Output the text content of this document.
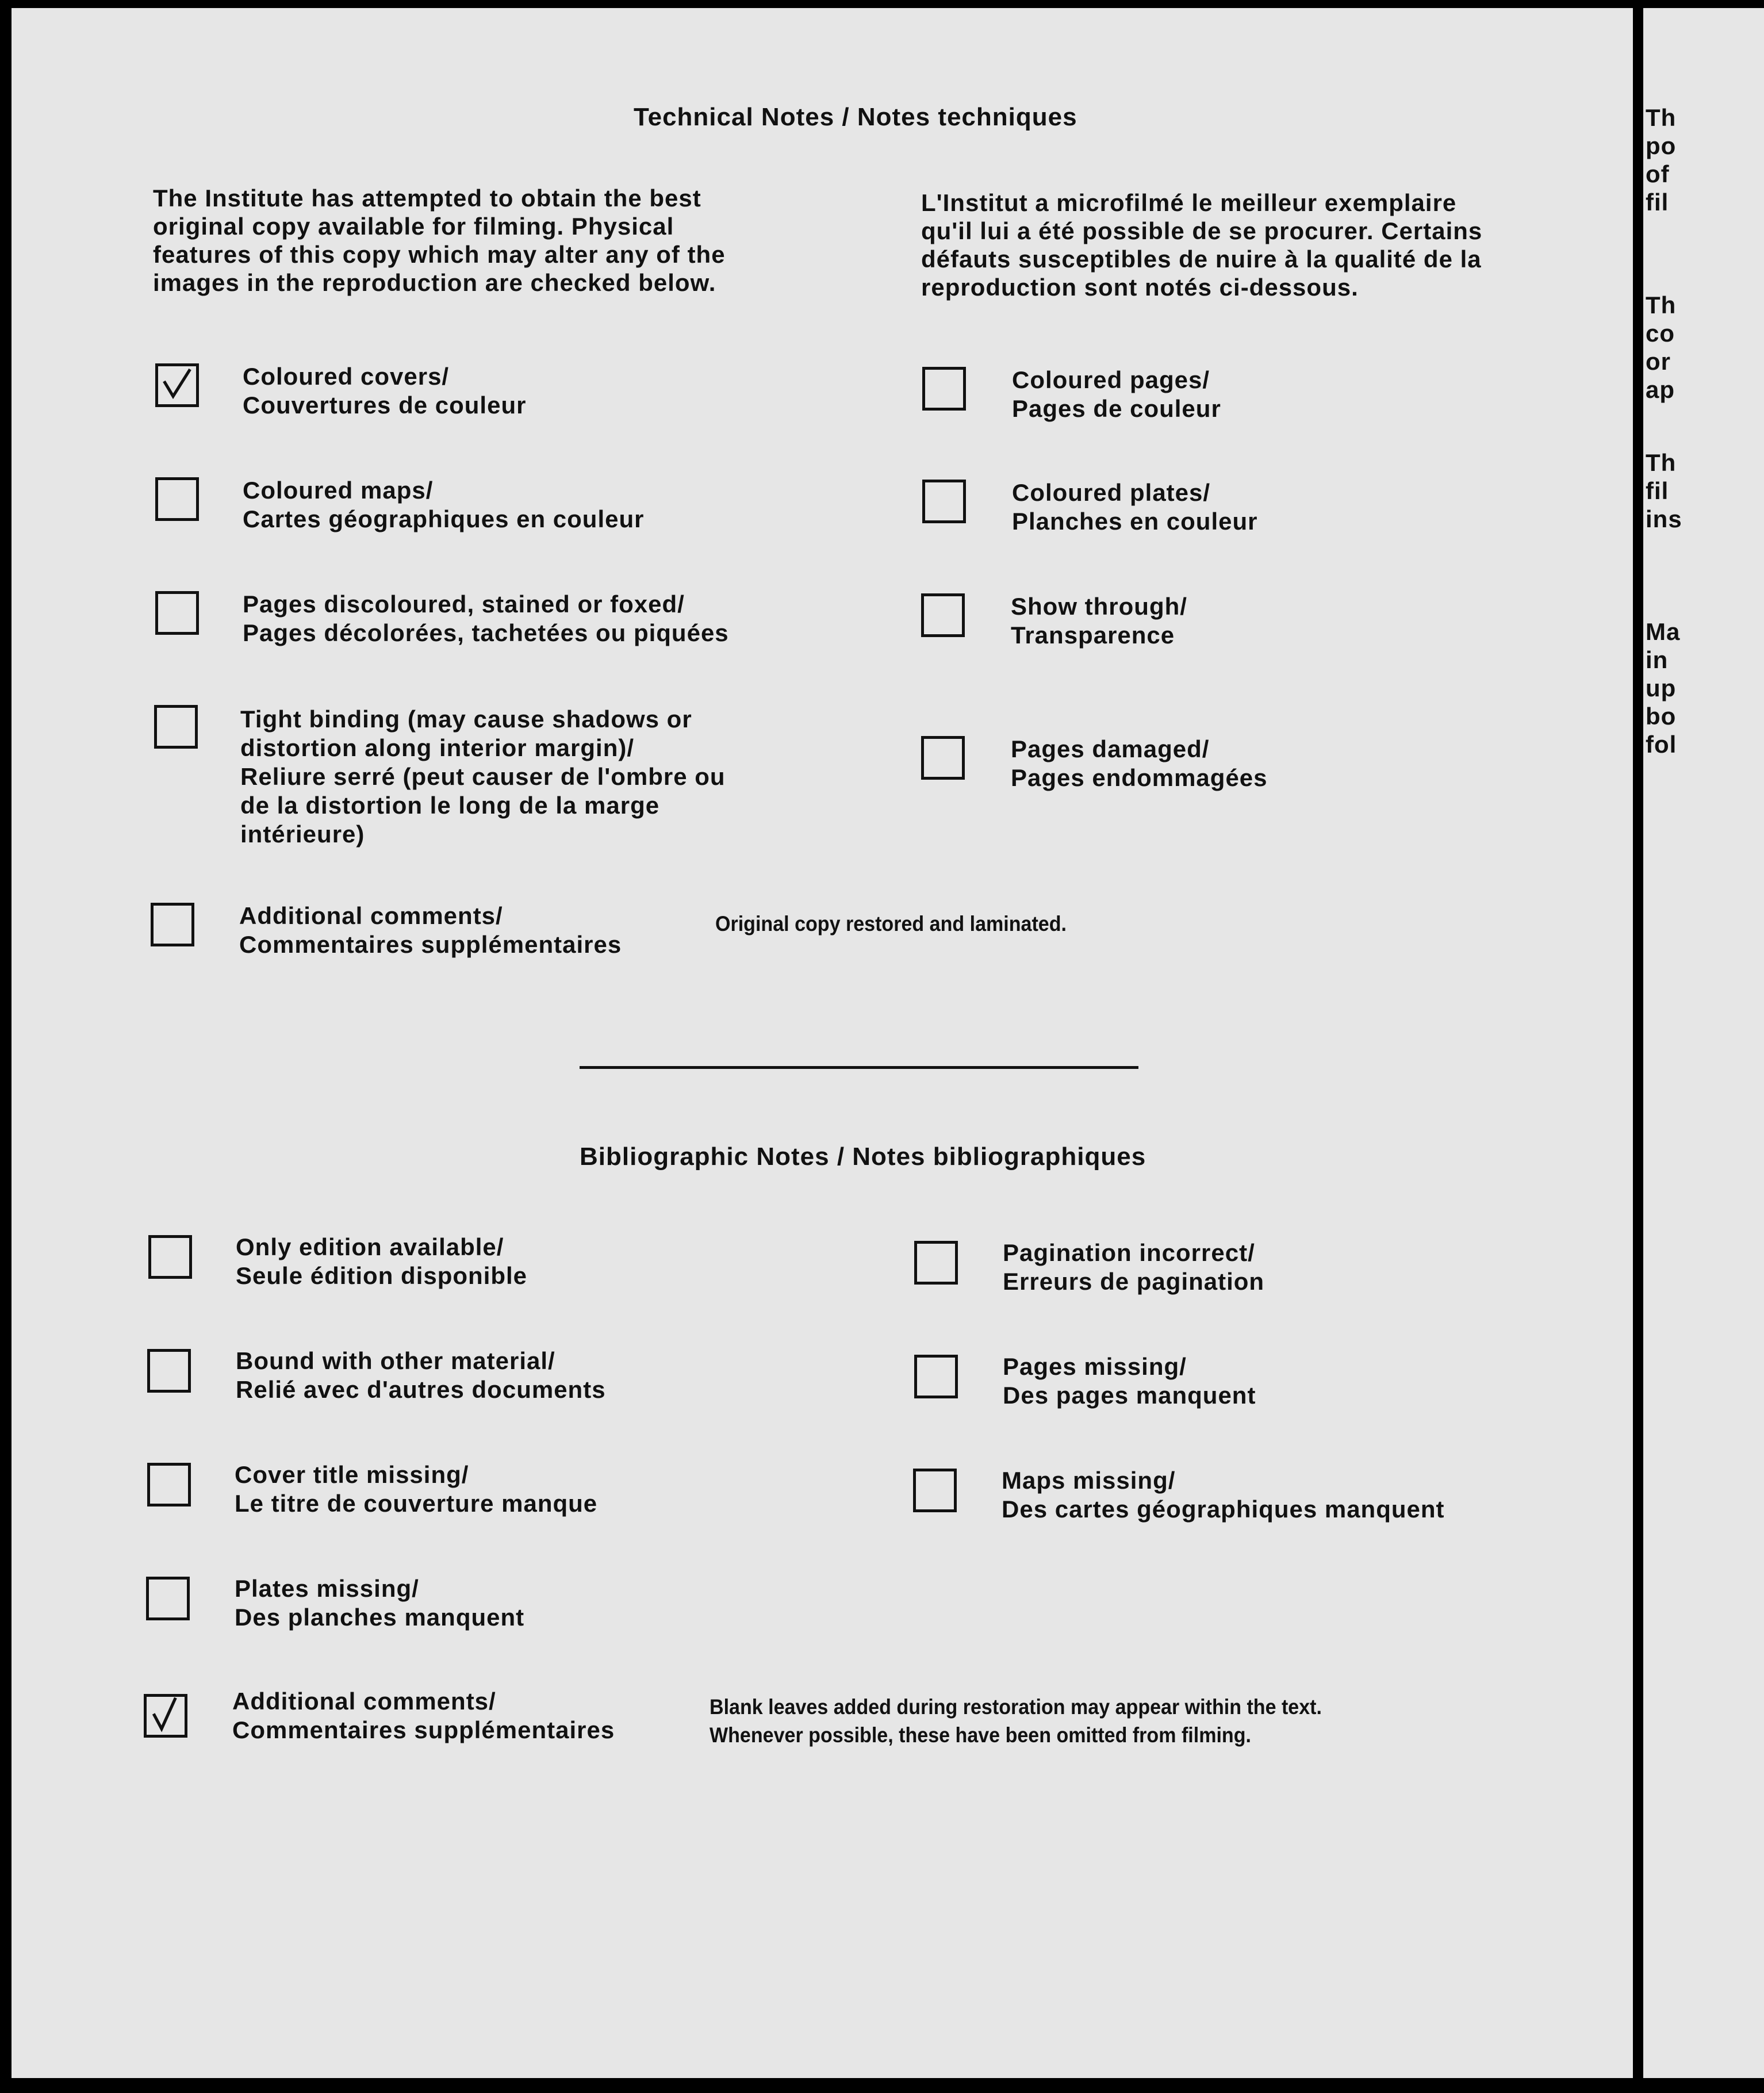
Technical Notes / Notes techniques
The Institute has attempted to obtain the best
original copy available for filming. Physical
features of this copy which may alter any of the
images in the reproduction are checked below.
L'Institut a microfilmé le meilleur exemplaire
qu'il lui a été possible de se procurer. Certains
défauts susceptibles de nuire à la qualité de la
reproduction sont notés ci-dessous.
Coloured covers/
Couvertures de couleur
Coloured maps/
Cartes géographiques en couleur
Pages discoloured, stained or foxed/
Pages décolorées, tachetées ou piquées
Tight binding (may cause shadows or
distortion along interior margin)/
Reliure serré (peut causer de l'ombre ou
de la distortion le long de la marge
intérieure)
Coloured pages/
Pages de couleur
Coloured plates/
Planches en couleur
Show through/
Transparence
Pages damaged/
Pages endommagées
Additional comments/
Commentaires supplémentaires
Original copy restored and laminated.
Bibliographic Notes / Notes bibliographiques
Only edition available/
Seule édition disponible
Bound with other material/
Relié avec d'autres documents
Cover title missing/
Le titre de couverture manque
Plates missing/
Des planches manquent
Pagination incorrect/
Erreurs de pagination
Pages missing/
Des pages manquent
Maps missing/
Des cartes géographiques manquent
Additional comments/
Commentaires supplémentaires
Blank leaves added during restoration may appear within the text.
Whenever possible, these have been omitted from filming.
Th
po
of
fil
Th
co
or
ap
Th
fil
ins
Ma
in
up
bo
fol
